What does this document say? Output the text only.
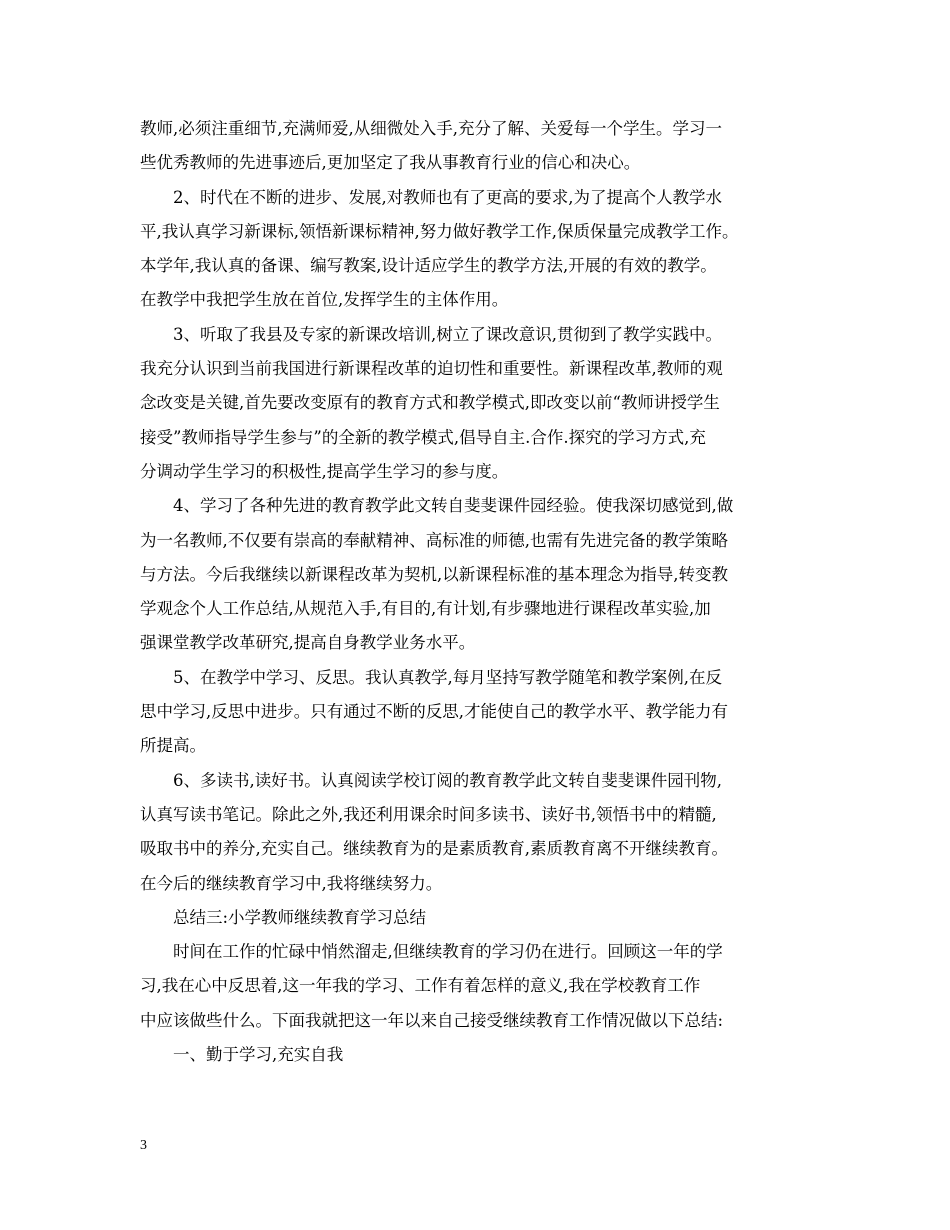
教师,必须注重细节,充满师爱,从细微处入手,充分了解、关爱每一个学生。学习一
些优秀教师的先进事迹后,更加坚定了我从事教育行业的信心和决心。
2、时代在不断的进步、发展,对教师也有了更高的要求,为了提高个人教学水
平,我认真学习新课标,领悟新课标精神,努力做好教学工作,保质保量完成教学工作。
本学年,我认真的备课、编写教案,设计适应学生的教学方法,开展的有效的教学。
在教学中我把学生放在首位,发挥学生的主体作用。
3、听取了我县及专家的新课改培训,树立了课改意识,贯彻到了教学实践中。
我充分认识到当前我国进行新课程改革的迫切性和重要性。新课程改革,教师的观
念改变是关键,首先要改变原有的教育方式和教学模式,即改变以前“教师讲授学生
接受”教师指导学生参与”的全新的教学模式,倡导自主.合作.探究的学习方式,充
分调动学生学习的积极性,提高学生学习的参与度。
4、学习了各种先进的教育教学此文转自斐斐课件园经验。使我深切感觉到,做
为一名教师,不仅要有崇高的奉献精神、高标准的师德,也需有先进完备的教学策略
与方法。今后我继续以新课程改革为契机,以新课程标准的基本理念为指导,转变教
学观念个人工作总结,从规范入手,有目的,有计划,有步骤地进行课程改革实验,加
强课堂教学改革研究,提高自身教学业务水平。
5、在教学中学习、反思。我认真教学,每月坚持写教学随笔和教学案例,在反
思中学习,反思中进步。只有通过不断的反思,才能使自己的教学水平、教学能力有
所提高。
6、多读书,读好书。认真阅读学校订阅的教育教学此文转自斐斐课件园刊物,
认真写读书笔记。除此之外,我还利用课余时间多读书、读好书,领悟书中的精髓,
吸取书中的养分,充实自己。继续教育为的是素质教育,素质教育离不开继续教育。
在今后的继续教育学习中,我将继续努力。
总结三:小学教师继续教育学习总结
时间在工作的忙碌中悄然溜走,但继续教育的学习仍在进行。回顾这一年的学
习,我在心中反思着,这一年我的学习、工作有着怎样的意义,我在学校教育工作
中应该做些什么。下面我就把这一年以来自己接受继续教育工作情况做以下总结:
一、勤于学习,充实自我
3
